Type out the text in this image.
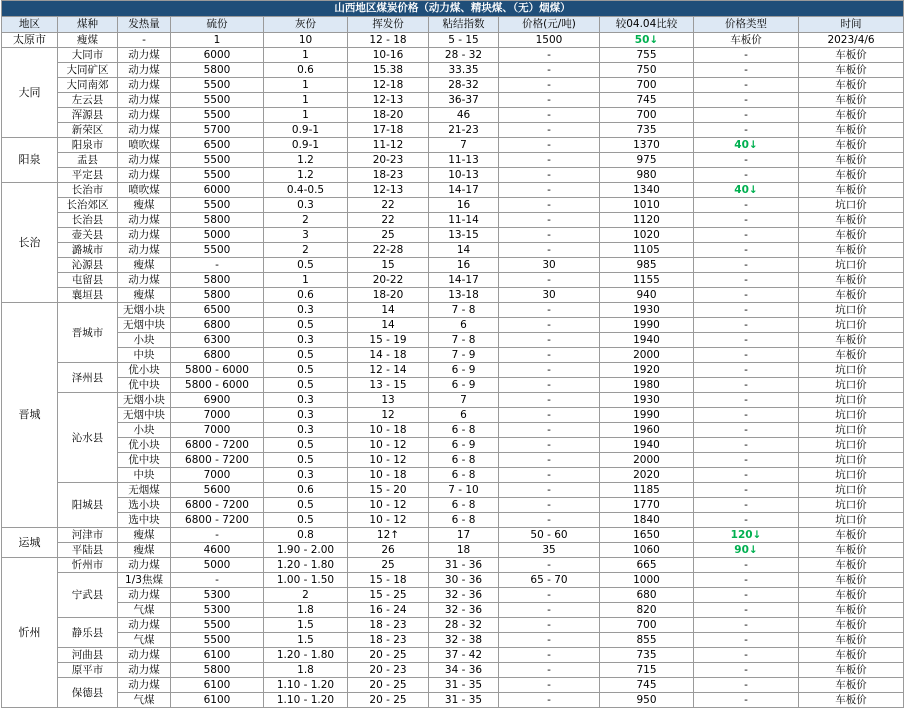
山西地区煤炭价格（动力煤、精块煤、（无）烟煤）											
地区	煤种	发热量	硫份	灰份	挥发份	粘结指数	价格(元/吨)	较04.04比较	价格类型	时间	
太原市	瘦煤	-	1	10	12 - 18	5 - 15	1500	50↓	车板价	2023/4/6	
大同	大同市	动力煤	6000	1	10-16	28 - 32	-	755	-	车板价	
	大同矿区	动力煤	5800	0.6	15.38	33.35	-	750	-	车板价	
	大同南郊	动力煤	5500	1	12-18	28-32	-	700	-	车板价	
	左云县	动力煤	5500	1	12-13	36-37	-	745	-	车板价	
	浑源县	动力煤	5500	1	18-20	46	-	700	-	车板价	
	新荣区	动力煤	5700	0.9-1	17-18	21-23	-	735	-	车板价	
阳泉	阳泉市	喷吹煤	6500	0.9-1	11-12	7	-	1370	40↓	车板价	
	盂县	动力煤	5500	1.2	20-23	11-13	-	975	-	车板价	
	平定县	动力煤	5500	1.2	18-23	10-13	-	980	-	车板价	
长治	长治市	喷吹煤	6000	0.4-0.5	12-13	14-17	-	1340	40↓	车板价	
	长治郊区	瘦煤	5500	0.3	22	16	-	1010	-	坑口价	
	长治县	动力煤	5800	2	22	11-14	-	1120	-	车板价	
	壶关县	动力煤	5000	3	25	13-15	-	1020	-	车板价	
	潞城市	动力煤	5500	2	22-28	14	-	1105	-	车板价	
	沁源县	瘦煤	-	0.5	15	16	30	985	-	坑口价	
	屯留县	动力煤	5800	1	20-22	14-17	-	1155	-	车板价	
	襄垣县	瘦煤	5800	0.6	18-20	13-18	30	940	-	车板价	
晋城	晋城市	无烟小块	6500	0.3	14	7 - 8	-	1930	-	坑口价	
		无烟中块	6800	0.5	14	6	-	1990	-	坑口价	
		小块	6300	0.3	15 - 19	7 - 8	-	1940	-	车板价	
		中块	6800	0.5	14 - 18	7 - 9	-	2000	-	车板价	
	泽州县	优小块	5800 - 6000	0.5	12 - 14	6 - 9	-	1920	-	坑口价	
		优中块	5800 - 6000	0.5	13 - 15	6 - 9	-	1980	-	坑口价	
	沁水县	无烟小块	6900	0.3	13	7	-	1930	-	坑口价	
		无烟中块	7000	0.3	12	6	-	1990	-	坑口价	
		小块	7000	0.3	10 - 18	6 - 8	-	1960	-	坑口价	
		优小块	6800 - 7200	0.5	10 - 12	6 - 9	-	1940	-	坑口价	
		优中块	6800 - 7200	0.5	10 - 12	6 - 8	-	2000	-	坑口价	
		中块	7000	0.3	10 - 18	6 - 8	-	2020	-	坑口价	
	阳城县	无烟煤	5600	0.6	15 - 20	7 - 10	-	1185	-	坑口价	
		选小块	6800 - 7200	0.5	10 - 12	6 - 8	-	1770	-	坑口价	
		选中块	6800 - 7200	0.5	10 - 12	6 - 8	-	1840	-	坑口价	
运城	河津市	瘦煤	-	0.8	12↑	17	50 - 60	1650	120↓	车板价	
	平陆县	瘦煤	4600	1.90 - 2.00	26	18	35	1060	90↓	车板价	
忻州	忻州市	动力煤	5000	1.20 - 1.80	25	31 - 36	-	665	-	车板价	
	宁武县	1/3焦煤	-	1.00 - 1.50	15 - 18	30 - 36	65 - 70	1000	-	车板价	
		动力煤	5300	2	15 - 25	32 - 36	-	680	-	车板价	
		气煤	5300	1.8	16 - 24	32 - 36	-	820	-	车板价	
	静乐县	动力煤	5500	1.5	18 - 23	28 - 32	-	700	-	车板价	
		气煤	5500	1.5	18 - 23	32 - 38	-	855	-	车板价	
	河曲县	动力煤	6100	1.20 - 1.80	20 - 25	37 - 42	-	735	-	车板价	
	原平市	动力煤	5800	1.8	20 - 23	34 - 36	-	715	-	车板价	
	保德县	动力煤	6100	1.10 - 1.20	20 - 25	31 - 35	-	745	-	车板价	
		气煤	6100	1.10 - 1.20	20 - 25	31 - 35	-	950	-	车板价	
